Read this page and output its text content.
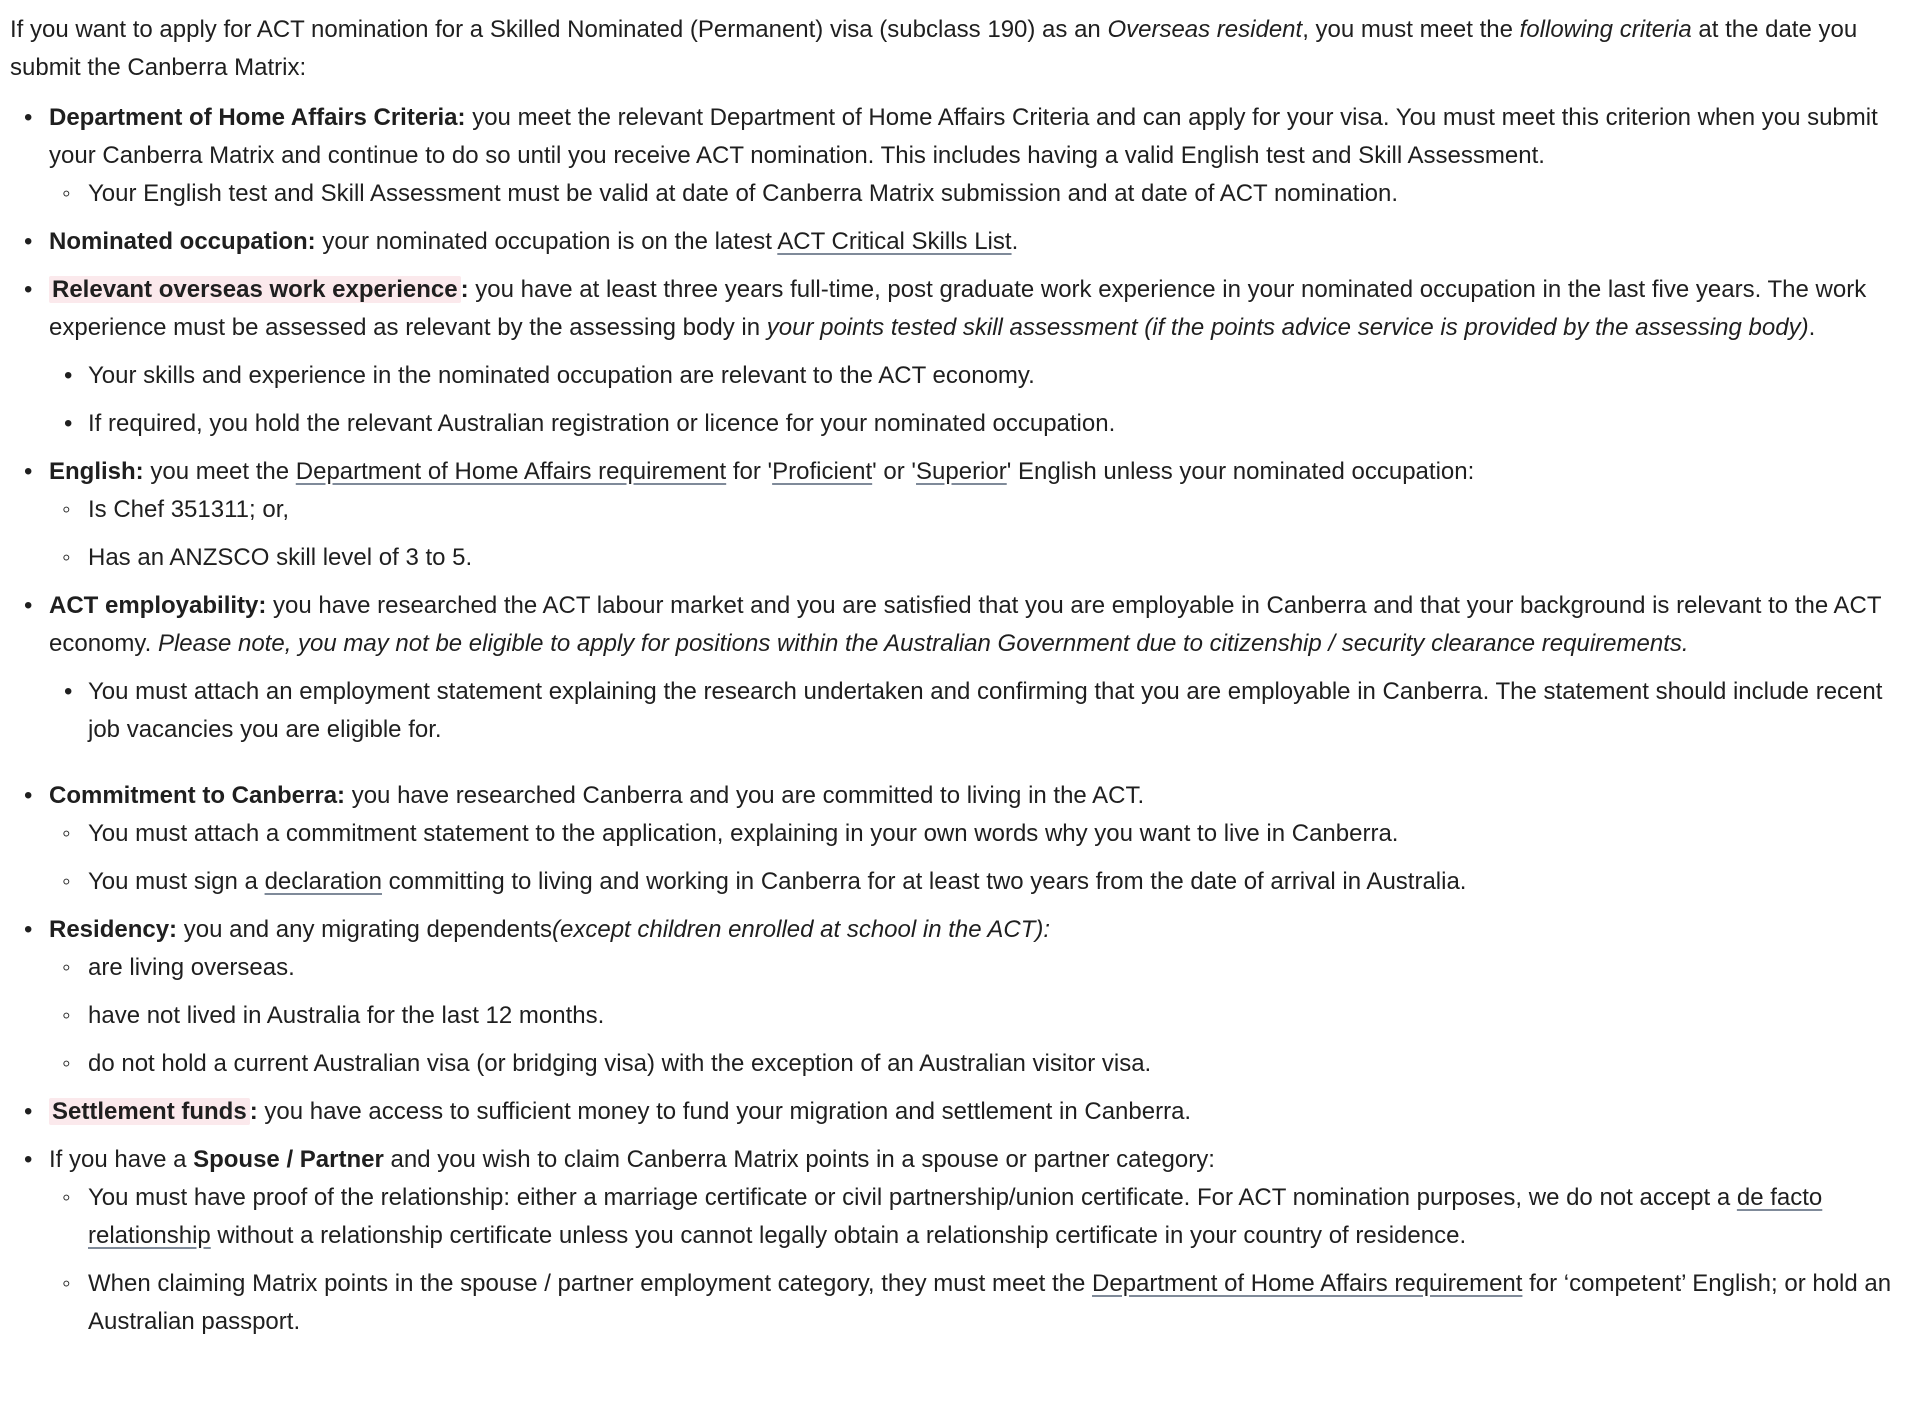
If you want to apply for ACT nomination for a Skilled Nominated (Permanent) visa (subclass 190) as an Overseas resident, you must meet the following criteria at the date you submit the Canberra Matrix:

• Department of Home Affairs Criteria: you meet the relevant Department of Home Affairs Criteria and can apply for your visa. You must meet this criterion when you submit your Canberra Matrix and continue to do so until you receive ACT nomination. This includes having a valid English test and Skill Assessment.
◦ Your English test and Skill Assessment must be valid at date of Canberra Matrix submission and at date of ACT nomination.
• Nominated occupation: your nominated occupation is on the latest ACT Critical Skills List.
• Relevant overseas work experience : you have at least three years full-time, post graduate work experience in your nominated occupation in the last five years. The work experience must be assessed as relevant by the assessing body in your points tested skill assessment (if the points advice service is provided by the assessing body).
• Your skills and experience in the nominated occupation are relevant to the ACT economy.
• If required, you hold the relevant Australian registration or licence for your nominated occupation.
• English: you meet the Department of Home Affairs requirement for 'Proficient' or 'Superior' English unless your nominated occupation:
◦ Is Chef 351311; or,
◦ Has an ANZSCO skill level of 3 to 5.
• ACT employability: you have researched the ACT labour market and you are satisfied that you are employable in Canberra and that your background is relevant to the ACT economy. Please note, you may not be eligible to apply for positions within the Australian Government due to citizenship / security clearance requirements.
• You must attach an employment statement explaining the research undertaken and confirming that you are employable in Canberra. The statement should include recent job vacancies you are eligible for.
• Commitment to Canberra: you have researched Canberra and you are committed to living in the ACT.
◦ You must attach a commitment statement to the application, explaining in your own words why you want to live in Canberra.
◦ You must sign a declaration committing to living and working in Canberra for at least two years from the date of arrival in Australia.
• Residency: you and any migrating dependents(except children enrolled at school in the ACT):
◦ are living overseas.
◦ have not lived in Australia for the last 12 months.
◦ do not hold a current Australian visa (or bridging visa) with the exception of an Australian visitor visa.
• Settlement funds : you have access to sufficient money to fund your migration and settlement in Canberra.
• If you have a Spouse / Partner and you wish to claim Canberra Matrix points in a spouse or partner category:
◦ You must have proof of the relationship: either a marriage certificate or civil partnership/union certificate. For ACT nomination purposes, we do not accept a de facto relationship without a relationship certificate unless you cannot legally obtain a relationship certificate in your country of residence.
◦ When claiming Matrix points in the spouse / partner employment category, they must meet the Department of Home Affairs requirement for ‘competent’ English; or hold an Australian passport.
